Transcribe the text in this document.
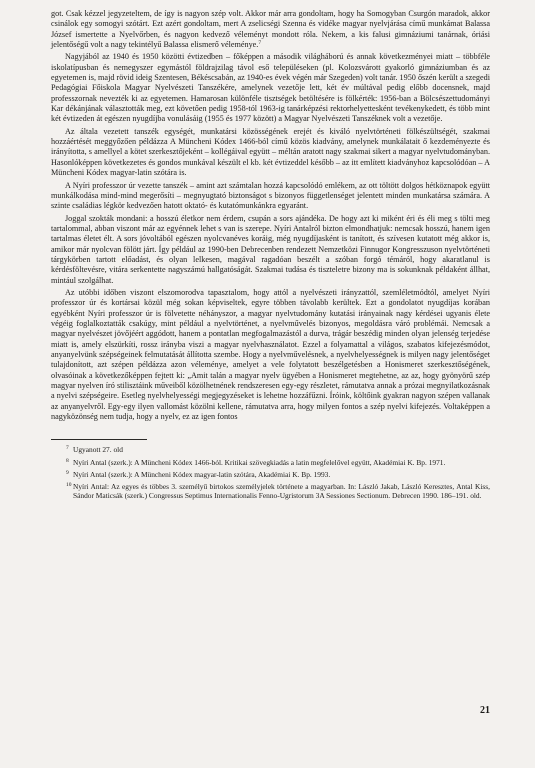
got. Csak kézzel jegyzeteltem, de így is nagyon szép volt. Akkor már arra gondoltam, hogy ha Somogyban Csurgón maradok, akkor csinálok egy somogyi szótárt. Ezt azért gondoltam, mert A zselicségi Szenna és vidéke magyar nyelvjárása című munkámat Balassa József ismertette a Nyelvőrben, és nagyon kedvező véleményt mondott róla. Nekem, a kis falusi gimnáziumi tanárnak, óriási jelentőségű volt a nagy tekintélyű Balassa elismerő véleménye.$^7$

Nagyjából az 1940 és 1950 közötti évtizedben – főképpen a második világháború és annak következményei miatt – többféle iskolatípusban és nemegyszer egymástól földrajzilag távol eső településeken (pl. Kolozsvárott gyakorló gimnáziumban és az egyetemen is, majd rövid ideig Szentesen, Békéscsabán, az 1940-es évek végén már Szegeden) volt tanár. 1950 őszén került a szegedi Pedagógiai Főiskola Magyar Nyelvészeti Tanszékére, amelynek vezetője lett, két év múltával pedig előbb docensnek, majd professzornak nevezték ki az egyetemen. Hamarosan különféle tisztségek betöltésére is fölkérték: 1956-ban a Bölcsészettudományi Kar dékánjának választották meg, ezt követően pedig 1958-tól 1963-ig tanárképzési rektorhelyettesként tevékenykedett, és több mint két évtizeden át egészen nyugdíjba vonulásáig (1955 és 1977 között) a Magyar Nyelvészeti Tanszéknek volt a vezetője.

Az általa vezetett tanszék egységét, munkatársi közösségének erejét és kiváló nyelvtörténeti fölkészültségét, szakmai hozzáértését meggyőzően példázza A Müncheni Kódex 1466-ból című közös kiadvány, amelynek munkálatait ő kezdeményezte és irányította, s amellyel a kötet szerkesztőjeként – kollégáival együtt – méltán aratott nagy szakmai sikert a magyar nyelvtudományban. Hasonlóképpen következetes és gondos munkával készült el kb. két évtizeddel később – az itt említett kiadványhoz kapcsolódóan – A Müncheni Kódex magyar-latin szótára is.

A Nyíri professzor úr vezette tanszék – amint azt számtalan hozzá kapcsolódó emlékem, az ott töltött dolgos hétköznapok együtt munkálkodása mind-mind megerősíti – megnyugtató biztonságot s bizonyos függetlenséget jelentett minden munkatársa számára. A szinte családias légkör kedvezően hatott oktató- és kutatómunkánkra egyaránt.

Joggal szokták mondani: a hosszú életkor nem érdem, csupán a sors ajándéka. De hogy azt ki miként éri és éli meg s tölti meg tartalommal, abban viszont már az egyénnek lehet s van is szerepe. Nyíri Antalról bizton elmondhatjuk: nemcsak hosszú, hanem igen tartalmas életet élt. A sors jóvoltából egészen nyolcvanéves koráig, még nyugdíjasként is tanított, és szívesen kutatott még akkor is, amikor már nyolcvan fölött járt. Így például az 1990-ben Debrecenben rendezett Nemzetközi Finnugor Kongresszuson nyelvtörténeti tárgykörben tartott előadást, és olyan lelkesen, magával ragadóan beszélt a szóban forgó témáról, hogy akaratlanul is kérdésföltevésre, vitára serkentette nagyszámú hallgatóságát. Szakmai tudása és tiszteletre bizony ma is sokunknak példaként állhat, mintául szolgálhat.

Az utóbbi időben viszont elszomorodva tapasztalom, hogy attól a nyelvészeti irányzattól, szemléletmódtól, amelyet Nyíri professzor úr és kortársai közül még sokan képviseltek, egyre többen távolabb kerültek. Ezt a gondolatot nyugdíjas korában egyébként Nyíri professzor úr is fölvetette néhányszor, a magyar nyelvtudomány kutatási irányainak nagy kérdései ugyanis élete végéig foglalkoztatták csakúgy, mint például a nyelvtörténet, a nyelvművelés bizonyos, megoldásra váró problémái. Nemcsak a magyar nyelvészet jövőjéért aggódott, hanem a pontatlan megfogalmazástól a durva, trágár beszédig minden olyan jelenség terjedése miatt is, amely elszürkíti, rossz irányba viszi a magyar nyelvhasználatot. Ezzel a folyamattal a világos, szabatos kifejezésmódot, anyanyelvünk szépségeinek felmutatását állította szembe. Hogy a nyelvművelésnek, a nyelvhelyességnek is milyen nagy jelentőséget tulajdonított, azt szépen példázza azon véleménye, amelyet a vele folytatott beszélgetésben a Honismeret szerkesztőségének, olvasóinak a következőképpen fejtett ki: „Amit talán a magyar nyelv ügyében a Honismeret megtehetne, az az, hogy gyönyörű szép magyar nyelven író stilisztáink műveiből közölhetnének rendszeresen egy-egy részletet, rámutatva annak a prózai megnyilatkozásnak a nyelvi szépségeire. Esetleg nyelvhelyességi megjegyzéseket is lehetne hozzáfűzni. Íróink, költőink gyakran nagyon szépen vallanak az anyanyelvről. Egy-egy ilyen vallomást közölni kellene, rámutatva arra, hogy milyen fontos a szép nyelvi kifejezés. Voltaképpen a nagyközönség nem tudja, hogy a nyelv, ez az igen fontos

7 Ugyanott 27. old

8 Nyíri Antal (szerk.): A Müncheni Kódex 1466-ból. Kritikai szövegkiadás a latin megfelelővel együtt, Akadémiai K. Bp. 1971.

9 Nyíri Antal (szerk.): A Müncheni Kódex magyar-latin szótára, Akadémiai K. Bp. 1993.

10 Nyíri Antal: Az egyes és többes 3. személyű birtokos személyjelek története a magyarban. In: László Jakab, László Keresztes, Antal Kiss, Sándor Maticsák (szerk.) Congressus Septimus Internationalis Fenno-Ugristorum 3A Sessiones Sectionum. Debrecen 1990. 186–191. old.

21
